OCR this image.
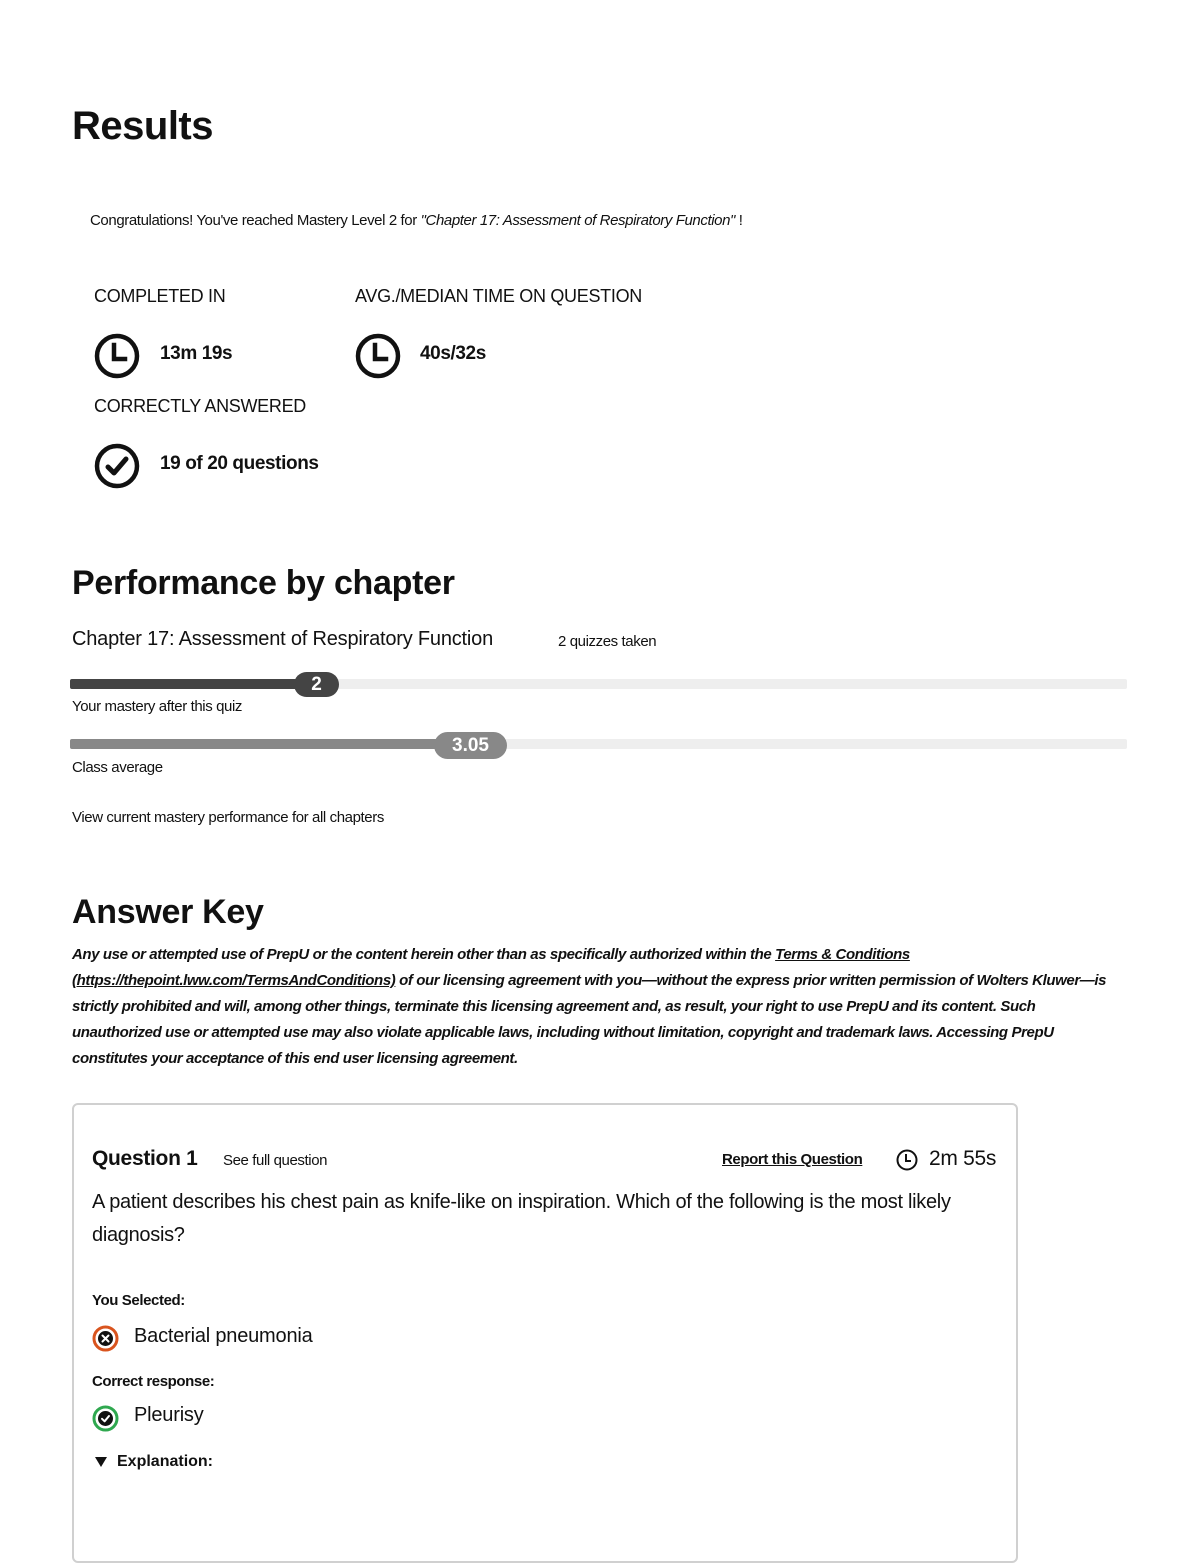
Results
Congratulations! You've reached Mastery Level 2 for "Chapter 17: Assessment of Respiratory Function" !
COMPLETED IN
13m 19s
AVG./MEDIAN TIME ON QUESTION
40s/32s
CORRECTLY ANSWERED
19 of 20 questions
Performance by chapter
Chapter 17: Assessment of Respiratory Function	2 quizzes taken
2
Your mastery after this quiz
3.05
Class average
View current mastery performance for all chapters
Answer Key
Any use or attempted use of PrepU or the content herein other than as specifically authorized within the Terms & Conditions (https://thepoint.lww.com/TermsAndConditions) of our licensing agreement with you—without the express prior written permission of Wolters Kluwer—is strictly prohibited and will, among other things, terminate this licensing agreement and, as result, your right to use PrepU and its content. Such unauthorized use or attempted use may also violate applicable laws, including without limitation, copyright and trademark laws. Accessing PrepU constitutes your acceptance of this end user licensing agreement.
Question 1 See full question	Report this Question	2m 55s
A patient describes his chest pain as knife-like on inspiration. Which of the following is the most likely diagnosis?
You Selected:
Bacterial pneumonia
Correct response:
Pleurisy
Explanation:
